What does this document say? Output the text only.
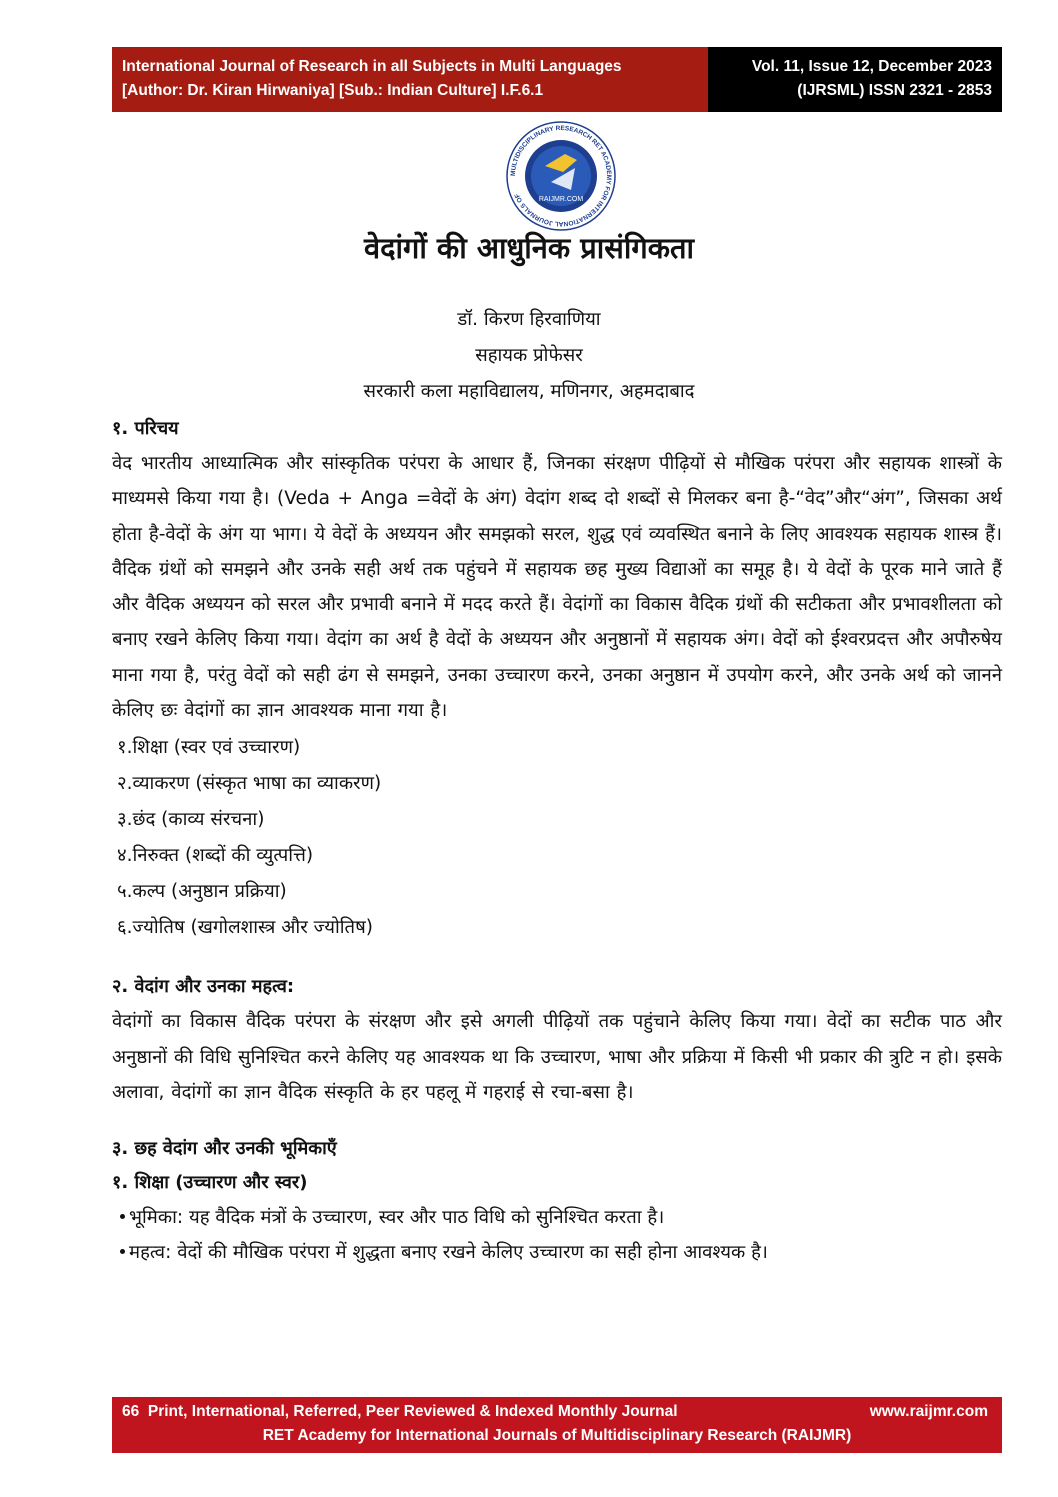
International Journal of Research in all Subjects in Multi Languages
[Author: Dr. Kiran Hirwaniya] [Sub.: Indian Culture] I.F.6.1
Vol. 11, Issue 12, December 2023
(IJRSML) ISSN 2321 - 2853
RAIJMR.COM
MULTIDISCIPLINARY RESEARCH RET ACADEMY FOR INTERNATIONAL JOURNALS OF
वेदांगों की आधुनिक प्रासंगिकता
डॉ. किरण हिरवाणिया
सहायक प्रोफेसर
सरकारी कला महाविद्यालय, मणिनगर, अहमदाबाद
१. परिचय

वेद भारतीय आध्यात्मिक और सांस्कृतिक परंपरा के आधार हैं, जिनका संरक्षण पीढ़ियों से मौखिक परंपरा और सहायक शास्त्रों के माध्यमसे किया गया है। (Veda + Anga =वेदों के अंग) वेदांग शब्द दो शब्दों से मिलकर बना है-“वेद”और“अंग”, जिसका अर्थ होता है-वेदों के अंग या भाग। ये वेदों के अध्ययन और समझको सरल, शुद्ध एवं व्यवस्थित बनाने के लिए आवश्यक सहायक शास्त्र हैं। वैदिक ग्रंथों को समझने और उनके सही अर्थ तक पहुंचने में सहायक छह मुख्य विद्याओं का समूह है। ये वेदों के पूरक माने जाते हैं और वैदिक अध्ययन को सरल और प्रभावी बनाने में मदद करते हैं। वेदांगों का विकास वैदिक ग्रंथों की सटीकता और प्रभावशीलता को बनाए रखने केलिए किया गया। वेदांग का अर्थ है वेदों के अध्ययन और अनुष्ठानों में सहायक अंग। वेदों को ईश्वरप्रदत्त और अपौरुषेय माना गया है, परंतु वेदों को सही ढंग से समझने, उनका उच्चारण करने, उनका अनुष्ठान में उपयोग करने, और उनके अर्थ को जानने केलिए छः वेदांगों का ज्ञान आवश्यक माना गया है।

१.शिक्षा (स्वर एवं उच्चारण)
२.व्याकरण (संस्कृत भाषा का व्याकरण)
३.छंद (काव्य संरचना)
४.निरुक्त (शब्दों की व्युत्पत्ति)
५.कल्प (अनुष्ठान प्रक्रिया)
६.ज्योतिष (खगोलशास्त्र और ज्योतिष)
२. वेदांग और उनका महत्व:

वेदांगों का विकास वैदिक परंपरा के संरक्षण और इसे अगली पीढ़ियों तक पहुंचाने केलिए किया गया। वेदों का सटीक पाठ और अनुष्ठानों की विधि सुनिश्चित करने केलिए यह आवश्यक था कि उच्चारण, भाषा और प्रक्रिया में किसी भी प्रकार की त्रुटि न हो। इसके अलावा, वेदांगों का ज्ञान वैदिक संस्कृति के हर पहलू में गहराई से रचा-बसा है।

३. छह वेदांग और उनकी भूमिकाएँ
१. शिक्षा (उच्चारण और स्वर)
भूमिका: यह वैदिक मंत्रों के उच्चारण, स्वर और पाठ विधि को सुनिश्चित करता है।
महत्व: वेदों की मौखिक परंपरा में शुद्धता बनाए रखने केलिए उच्चारण का सही होना आवश्यक है।
66 Print, International, Referred, Peer Reviewed & Indexed Monthly Journal	www.raijmr.com
RET Academy for International Journals of Multidisciplinary Research (RAIJMR)
